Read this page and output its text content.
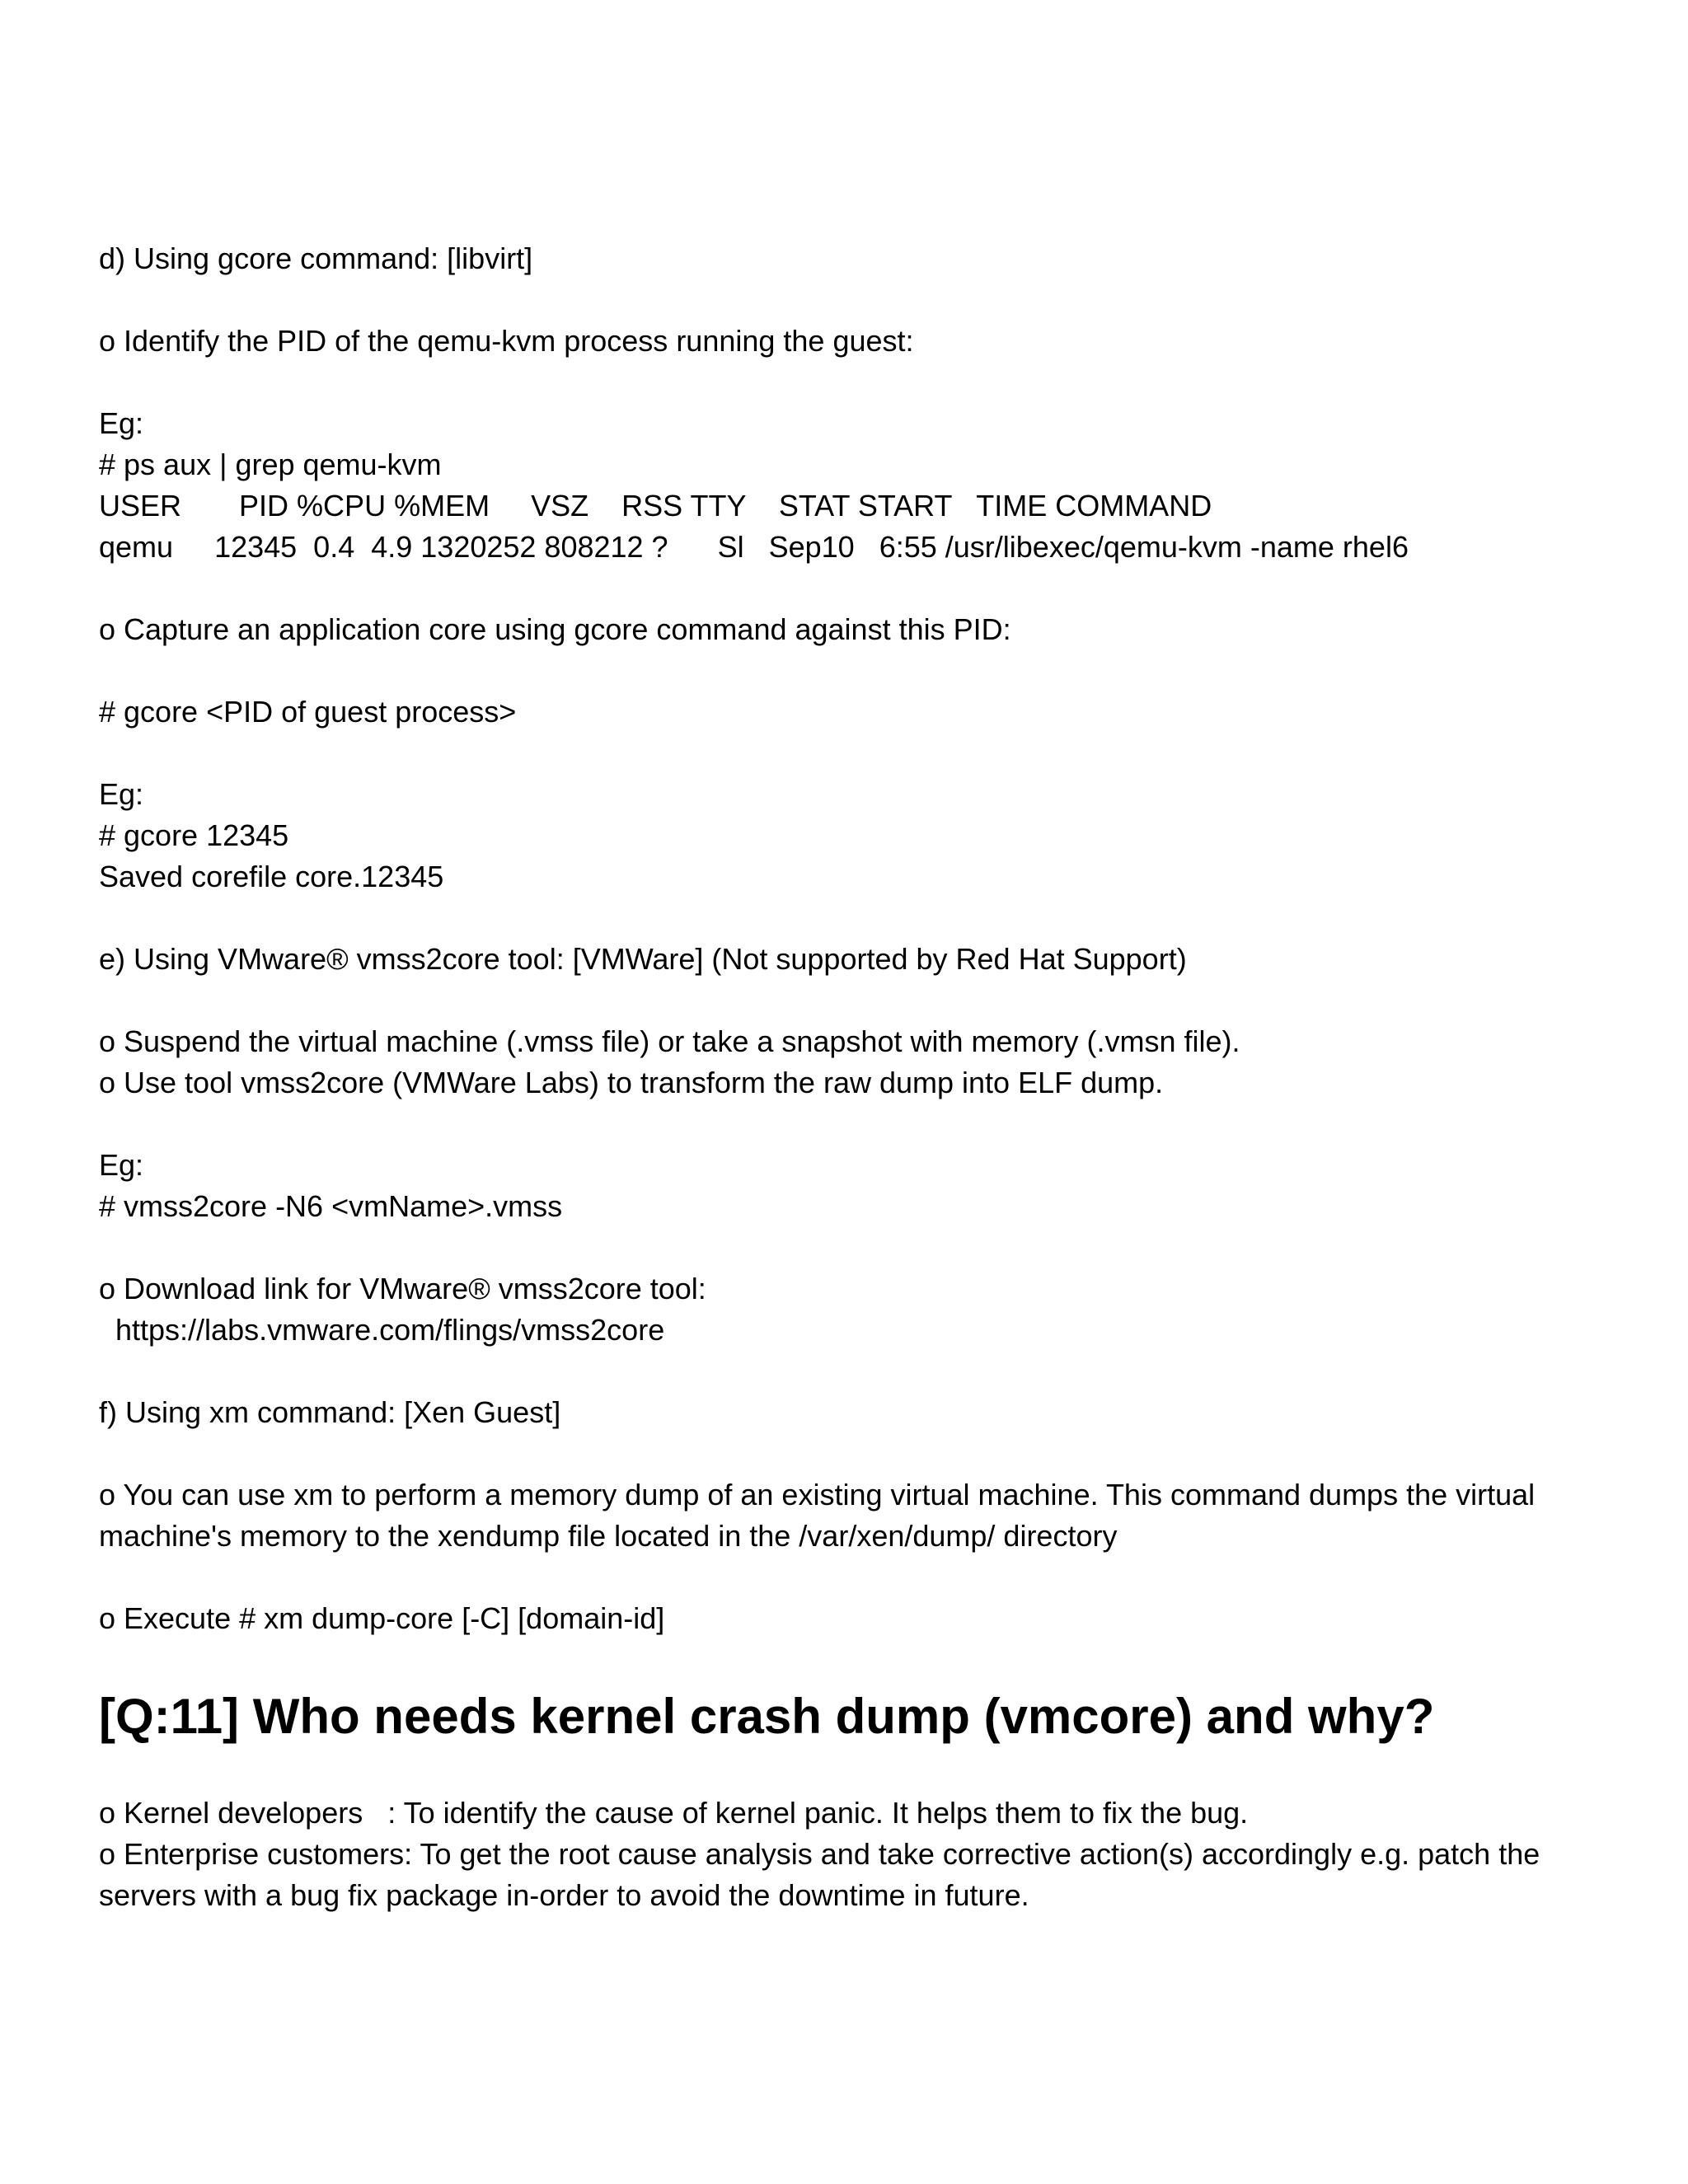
d) Using gcore command: [libvirt]
o Identify the PID of the qemu-kvm process running the guest:
Eg:
# ps aux | grep qemu-kvm
USER       PID %CPU %MEM     VSZ    RSS TTY    STAT START   TIME COMMAND
qemu     12345  0.4  4.9 1320252 808212 ?      Sl   Sep10   6:55 /usr/libexec/qemu-kvm -name rhel6
o Capture an application core using gcore command against this PID:
# gcore <PID of guest process>
Eg:
# gcore 12345
Saved corefile core.12345
e) Using VMware® vmss2core tool: [VMWare] (Not supported by Red Hat Support)
o Suspend the virtual machine (.vmss file) or take a snapshot with memory (.vmsn file).
o Use tool vmss2core (VMWare Labs) to transform the raw dump into ELF dump.
Eg:
# vmss2core -N6 <vmName>.vmss
o Download link for VMware® vmss2core tool:
https://labs.vmware.com/flings/vmss2core
f) Using xm command: [Xen Guest]
o You can use xm to perform a memory dump of an existing virtual machine. This command dumps the virtual machine's memory to the xendump file located in the /var/xen/dump/ directory
o Execute # xm dump-core [-C] [domain-id]
[Q:11] Who needs kernel crash dump (vmcore) and why?
o Kernel developers   : To identify the cause of kernel panic. It helps them to fix the bug.
o Enterprise customers: To get the root cause analysis and take corrective action(s) accordingly e.g. patch the servers with a bug fix package in-order to avoid the downtime in future.
